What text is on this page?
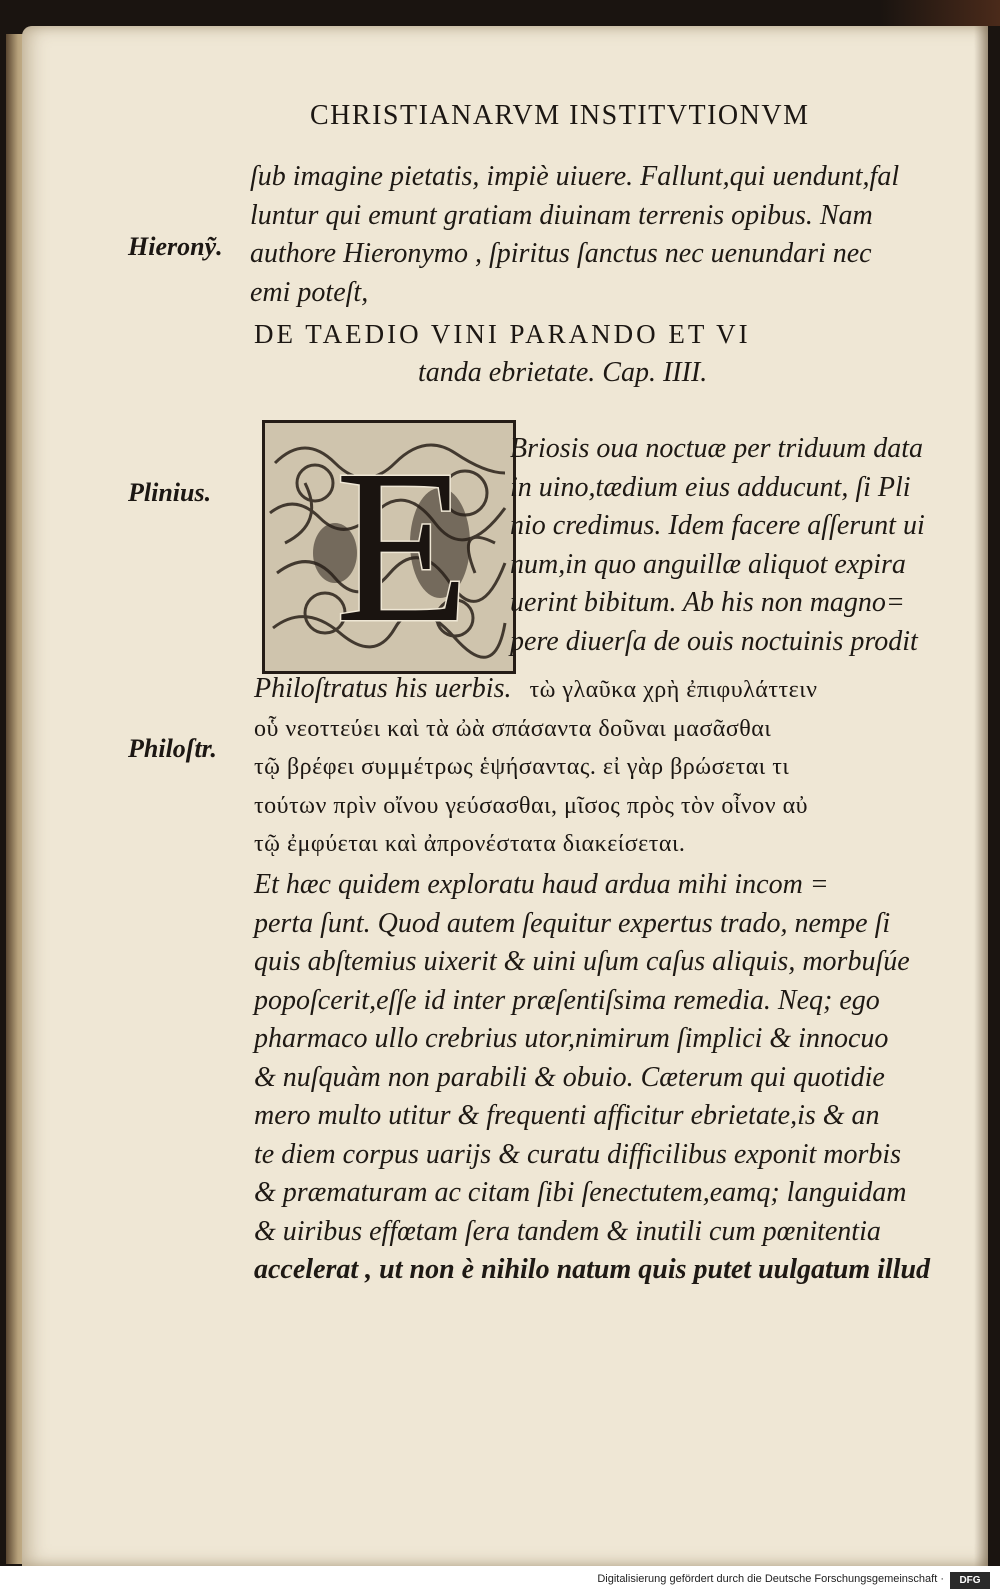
CHRISTIANARVM INSTITVTIONVM
Hieronỹ.
Plinius.
Philoſtr.
ſub imagine pietatis, impiè uiuere. Fallunt,qui uendunt,fal
luntur qui emunt gratiam diuinam terrenis opibus. Nam
authore Hieronymo , ſpiritus ſanctus nec uenundari nec
emi poteſt,
DE TAEDIO VINI PARANDO ET VI
tanda ebrietate. Cap. IIII.
E Briosis oua noctuæ per triduum data
in uino,tædium eius adducunt, ſi Pli
nio credimus. Idem facere aſſerunt ui
num,in quo anguillæ aliquot expira
uerint bibitum. Ab his non magno=
pere diuerſa de ouis noctuinis prodit
Philoſtratus his uerbis. τὼ γλαῦκα χρὴ ἐπιφυλάττειν
οὗ νεοττεύει καὶ τὰ ὠὰ σπάσαντα δοῦναι μασᾶσθαι
τῷ βρέφει συμμέτρως ἑψήσαντας. εἰ γὰρ βρώσεται τι
τούτων πρὶν οἴνου γεύσασθαι, μῖσος πρὸς τὸν οἶνον αὐ
τῷ ἐμφύεται καὶ ἀπρονέστατα διακείσεται.
Et hæc quidem exploratu haud ardua mihi incom =
perta ſunt. Quod autem ſequitur expertus trado, nempe ſi
quis abſtemius uixerit & uini uſum caſus aliquis, morbuſúe
popoſcerit,eſſe id inter præſentiſsima remedia. Neq; ego
pharmaco ullo crebrius utor,nimirum ſimplici & innocuo
& nuſquàm non parabili & obuio. Cæterum qui quotidie
mero multo utitur & frequenti afficitur ebrietate,is & an
te diem corpus uarijs & curatu difficilibus exponit morbis
& præmaturam ac citam ſibi ſenectutem,eamq; languidam
& uiribus effœtam ſera tandem & inutili cum pœnitentia
accelerat , ut non è nihilo natum quis putet uulgatum illud
Digitalisierung gefördert durch die Deutsche Forschungsgemeinschaft ·	DFG
